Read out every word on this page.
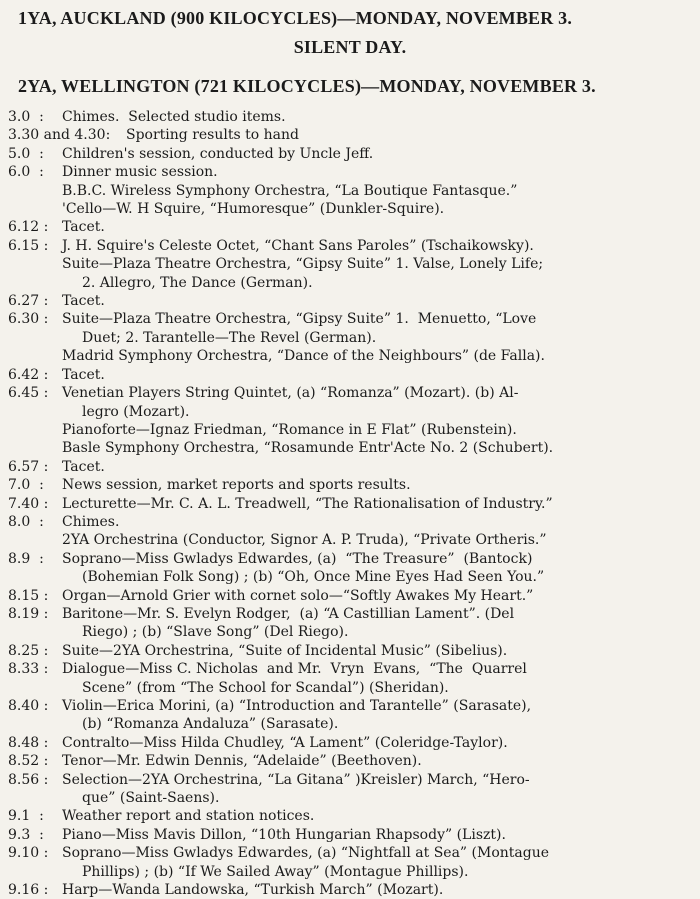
1YA, AUCKLAND (900 KILOCYCLES)—MONDAY, NOVEMBER 3.
SILENT DAY.
2YA, WELLINGTON (721 KILOCYCLES)—MONDAY, NOVEMBER 3.
3.0  : Chimes.  Selected studio items.
3.30 and 4.30: Sporting results to hand
5.0  : Children's session, conducted by Uncle Jeff.
6.0  : Dinner music session.
B.B.C. Wireless Symphony Orchestra, “La Boutique Fantasque.”
'Cello—W. H Squire, “Humoresque” (Dunkler-Squire).
6.12 : Tacet.
6.15 : J. H. Squire's Celeste Octet, “Chant Sans Paroles” (Tschaikowsky).
Suite—Plaza Theatre Orchestra, “Gipsy Suite” 1. Valse, Lonely Life;
2. Allegro, The Dance (German).
6.27 : Tacet.
6.30 : Suite—Plaza Theatre Orchestra, “Gipsy Suite” 1.  Menuetto, “Love
Duet; 2. Tarantelle—The Revel (German).
Madrid Symphony Orchestra, “Dance of the Neighbours” (de Falla).
6.42 : Tacet.
6.45 : Venetian Players String Quintet, (a) “Romanza” (Mozart). (b) Al-
legro (Mozart).
Pianoforte—Ignaz Friedman, “Romance in E Flat” (Rubenstein).
Basle Symphony Orchestra, “Rosamunde Entr'Acte No. 2 (Schubert).
6.57 : Tacet.
7.0  : News session, market reports and sports results.
7.40 : Lecturette—Mr. C. A. L. Treadwell, “The Rationalisation of Industry.”
8.0  : Chimes.
2YA Orchestrina (Conductor, Signor A. P. Truda), “Private Ortheris.”
8.9  : Soprano—Miss Gwladys Edwardes, (a)  “The Treasure”  (Bantock)
(Bohemian Folk Song) ; (b) “Oh, Once Mine Eyes Had Seen You.”
8.15 : Organ—Arnold Grier with cornet solo—“Softly Awakes My Heart.”
8.19 : Baritone—Mr. S. Evelyn Rodger,  (a) “A Castillian Lament”. (Del
Riego) ; (b) “Slave Song” (Del Riego).
8.25 : Suite—2YA Orchestrina, “Suite of Incidental Music” (Sibelius).
8.33 : Dialogue—Miss C. Nicholas  and Mr.  Vryn  Evans,  “The  Quarrel
Scene” (from “The School for Scandal”) (Sheridan).
8.40 : Violin—Erica Morini, (a) “Introduction and Tarantelle” (Sarasate),
(b) “Romanza Andaluza” (Sarasate).
8.48 : Contralto—Miss Hilda Chudley, “A Lament” (Coleridge-Taylor).
8.52 : Tenor—Mr. Edwin Dennis, “Adelaide” (Beethoven).
8.56 : Selection—2YA Orchestrina, “La Gitana” )Kreisler) March, “Hero-
que” (Saint-Saens).
9.1  : Weather report and station notices.
9.3  : Piano—Miss Mavis Dillon, “10th Hungarian Rhapsody” (Liszt).
9.10 : Soprano—Miss Gwladys Edwardes, (a) “Nightfall at Sea” (Montague
Phillips) ; (b) “If We Sailed Away” (Montague Phillips).
9.16 : Harp—Wanda Landowska, “Turkish March” (Mozart).
